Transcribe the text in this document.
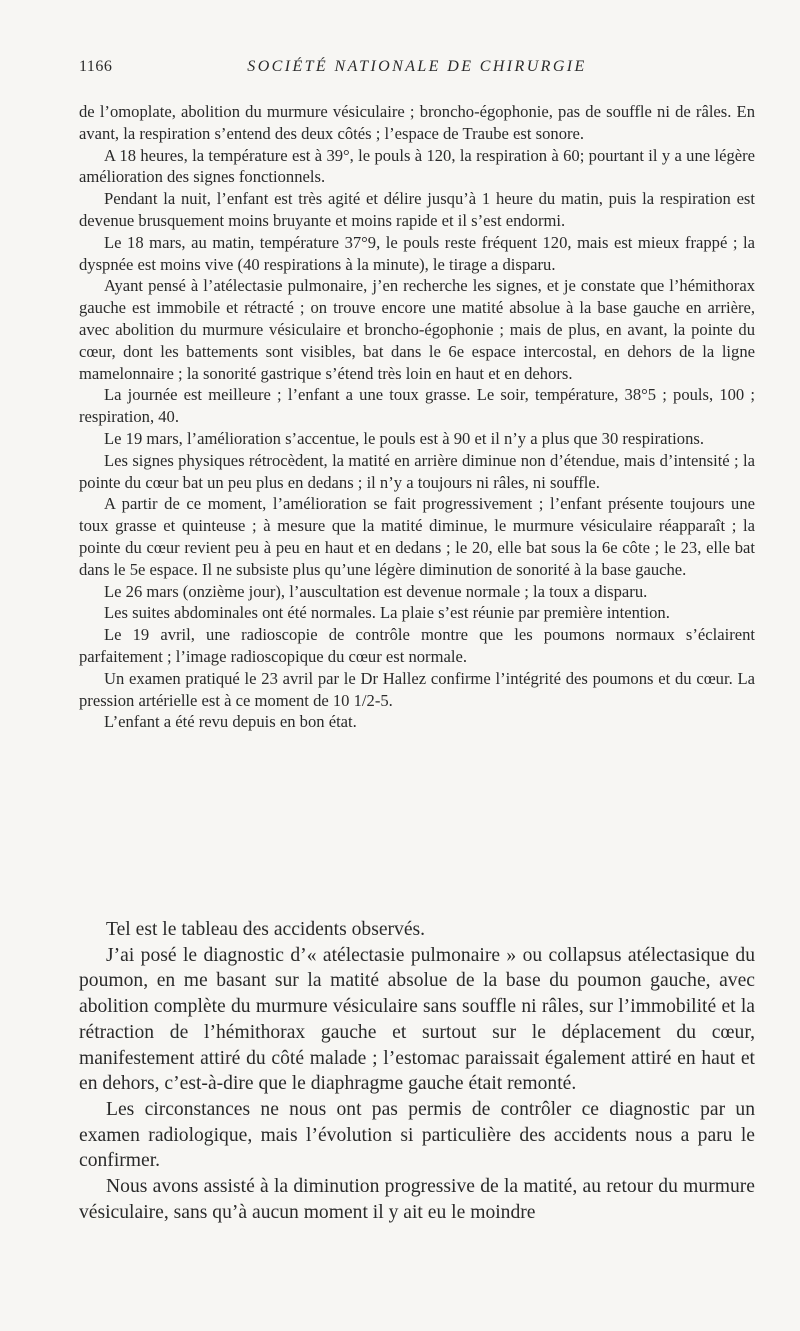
1166	SOCIÉTÉ NATIONALE DE CHIRURGIE

de l’omoplate, abolition du murmure vésiculaire ; broncho-égophonie, pas de souffle ni de râles. En avant, la respiration s’entend des deux côtés ; l’espace de Traube est sonore.

A 18 heures, la température est à 39°, le pouls à 120, la respiration à 60; pourtant il y a une légère amélioration des signes fonctionnels.

Pendant la nuit, l’enfant est très agité et délire jusqu’à 1 heure du matin, puis la respiration est devenue brusquement moins bruyante et moins rapide et il s’est endormi.

Le 18 mars, au matin, température 37°9, le pouls reste fréquent 120, mais est mieux frappé ; la dyspnée est moins vive (40 respirations à la minute), le tirage a disparu.

Ayant pensé à l’atélectasie pulmonaire, j’en recherche les signes, et je constate que l’hémithorax gauche est immobile et rétracté ; on trouve encore une matité absolue à la base gauche en arrière, avec abolition du murmure vésiculaire et broncho-égophonie ; mais de plus, en avant, la pointe du cœur, dont les battements sont visibles, bat dans le 6e espace intercostal, en dehors de la ligne mamelonnaire ; la sonorité gastrique s’étend très loin en haut et en dehors.

La journée est meilleure ; l’enfant a une toux grasse. Le soir, température, 38°5 ; pouls, 100 ; respiration, 40.

Le 19 mars, l’amélioration s’accentue, le pouls est à 90 et il n’y a plus que 30 respirations.

Les signes physiques rétrocèdent, la matité en arrière diminue non d’étendue, mais d’intensité ; la pointe du cœur bat un peu plus en dedans ; il n’y a toujours ni râles, ni souffle.

A partir de ce moment, l’amélioration se fait progressivement ; l’enfant présente toujours une toux grasse et quinteuse ; à mesure que la matité diminue, le murmure vésiculaire réapparaît ; la pointe du cœur revient peu à peu en haut et en dedans ; le 20, elle bat sous la 6e côte ; le 23, elle bat dans le 5e espace. Il ne subsiste plus qu’une légère diminution de sonorité à la base gauche.

Le 26 mars (onzième jour), l’auscultation est devenue normale ; la toux a disparu.

Les suites abdominales ont été normales. La plaie s’est réunie par première intention.

Le 19 avril, une radioscopie de contrôle montre que les poumons normaux s’éclairent parfaitement ; l’image radioscopique du cœur est normale.

Un examen pratiqué le 23 avril par le Dr Hallez confirme l’intégrité des poumons et du cœur. La pression artérielle est à ce moment de 10 1/2-5.

L’enfant a été revu depuis en bon état.

Tel est le tableau des accidents observés.

J’ai posé le diagnostic d’« atélectasie pulmonaire » ou collapsus atélectasique du poumon, en me basant sur la matité absolue de la base du poumon gauche, avec abolition complète du murmure vésiculaire sans souffle ni râles, sur l’immobilité et la rétraction de l’hémithorax gauche et surtout sur le déplacement du cœur, manifestement attiré du côté malade ; l’estomac paraissait également attiré en haut et en dehors, c’est-à-dire que le diaphragme gauche était remonté.

Les circonstances ne nous ont pas permis de contrôler ce diagnostic par un examen radiologique, mais l’évolution si particulière des accidents nous a paru le confirmer.

Nous avons assisté à la diminution progressive de la matité, au retour du murmure vésiculaire, sans qu’à aucun moment il y ait eu le moindre
